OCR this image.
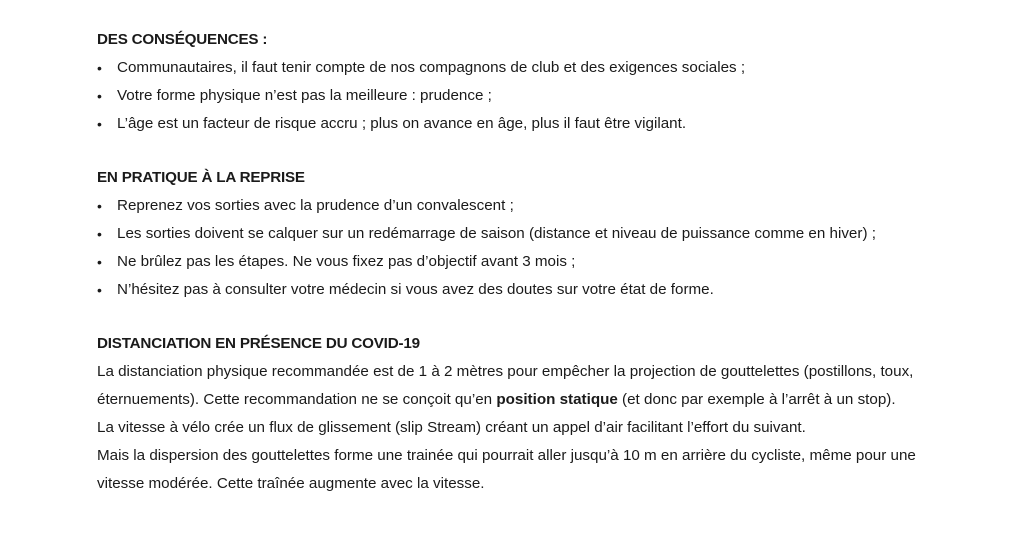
DES CONSÉQUENCES :
• Communautaires, il faut tenir compte de nos compagnons de club et des exigences sociales ;
• Votre forme physique n’est pas la meilleure : prudence ;
• L’âge est un facteur de risque accru ; plus on avance en âge, plus il faut être vigilant.
EN PRATIQUE À LA REPRISE
• Reprenez vos sorties avec la prudence d’un convalescent ;
• Les sorties doivent se calquer sur un redémarrage de saison (distance et niveau de puissance comme en hiver) ;
• Ne brûlez pas les étapes. Ne vous fixez pas d’objectif avant 3 mois ;
• N’hésitez pas à consulter votre médecin si vous avez des doutes sur votre état de forme.
DISTANCIATION EN PRÉSENCE DU COVID-19

La distanciation physique recommandée est de 1 à 2 mètres pour empêcher la projection de gouttelettes (postillons, toux, éternuements). Cette recommandation ne se conçoit qu’en position statique (et donc par exemple à l’arrêt à un stop).

La vitesse à vélo crée un flux de glissement (slip Stream) créant un appel d’air facilitant l’effort du suivant.

Mais la dispersion des gouttelettes forme une trainée qui pourrait aller jusqu’à 10 m en arrière du cycliste, même pour une vitesse modérée. Cette traînée augmente avec la vitesse.
